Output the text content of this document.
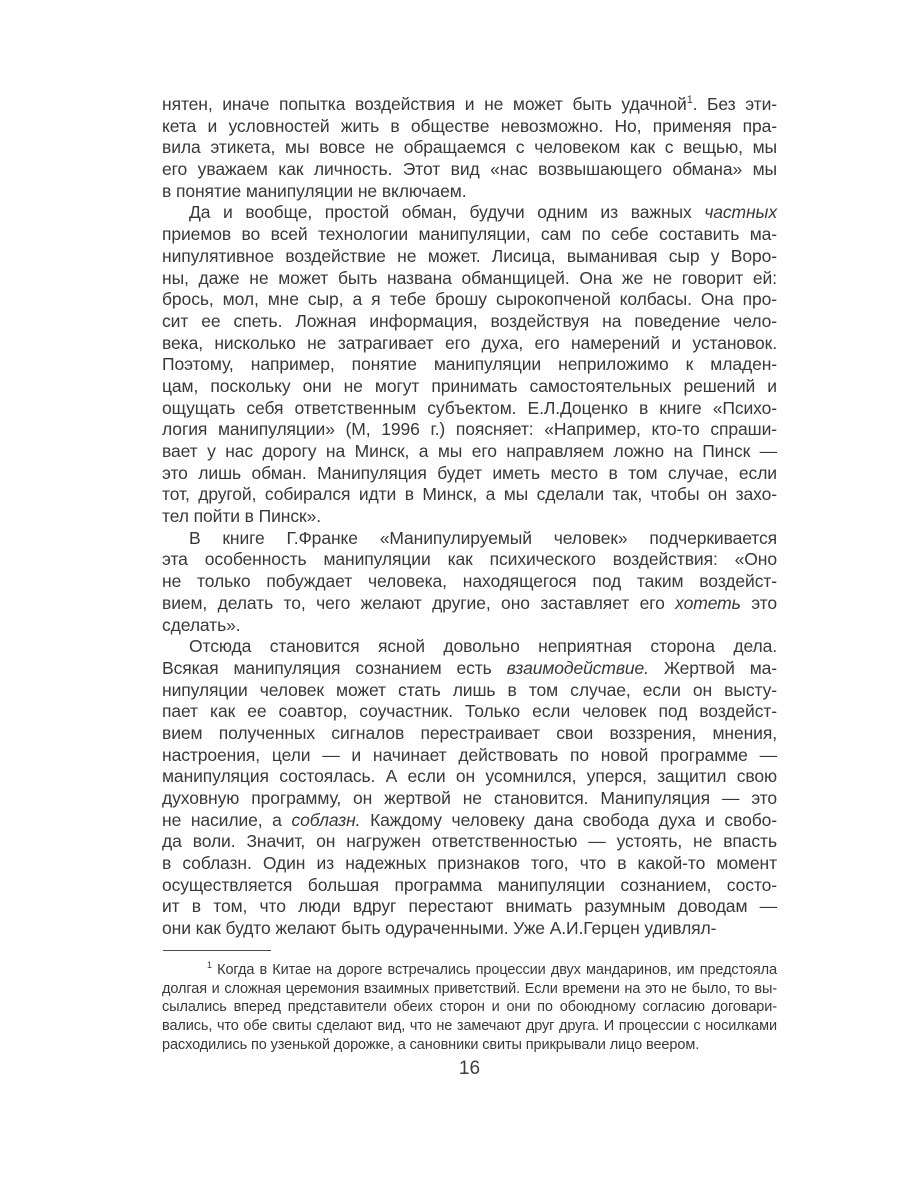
нятен, иначе попытка воздействия и не может быть удачной$^1$. Без эти-
кета и условностей жить в обществе невозможно. Но, применяя пра-
вила этикета, мы вовсе не обращаемся с человеком как с вещью, мы
его уважаем как личность. Этот вид «нас возвышающего обмана» мы
в понятие манипуляции не включаем.
Да и вообще, простой обман, будучи одним из важных частных
приемов во всей технологии манипуляции, сам по себе составить ма-
нипулятивное воздействие не может. Лисица, выманивая сыр у Воро-
ны, даже не может быть названа обманщицей. Она же не говорит ей:
брось, мол, мне сыр, а я тебе брошу сырокопченой колбасы. Она про-
сит ее спеть. Ложная информация, воздействуя на поведение чело-
века, нисколько не затрагивает его духа, его намерений и установок.
Поэтому, например, понятие манипуляции неприложимо к младен-
цам, поскольку они не могут принимать самостоятельных решений и
ощущать себя ответственным субъектом. Е.Л.Доценко в книге «Психо-
логия манипуляции» (М, 1996 г.) поясняет: «Например, кто-то спраши-
вает у нас дорогу на Минск, а мы его направляем ложно на Пинск —
это лишь обман. Манипуляция будет иметь место в том случае, если
тот, другой, собирался идти в Минск, а мы сделали так, чтобы он захо-
тел пойти в Пинск».
В книге Г.Франке «Манипулируемый человек» подчеркивается
эта особенность манипуляции как психического воздействия: «Оно
не только побуждает человека, находящегося под таким воздейст-
вием, делать то, чего желают другие, оно заставляет его хотеть это
сделать».
Отсюда становится ясной довольно неприятная сторона дела.
Всякая манипуляция сознанием есть взаимодействие. Жертвой ма-
нипуляции человек может стать лишь в том случае, если он высту-
пает как ее соавтор, соучастник. Только если человек под воздейст-
вием полученных сигналов перестраивает свои воззрения, мнения,
настроения, цели — и начинает действовать по новой программе —
манипуляция состоялась. А если он усомнился, уперся, защитил свою
духовную программу, он жертвой не становится. Манипуляция — это
не насилие, а соблазн. Каждому человеку дана свобода духа и свобо-
да воли. Значит, он нагружен ответственностью — устоять, не впасть
в соблазн. Один из надежных признаков того, что в какой-то момент
осуществляется большая программа манипуляции сознанием, состо-
ит в том, что люди вдруг перестают внимать разумным доводам —
они как будто желают быть одураченными. Уже А.И.Герцен удивлял-
$^1$ Когда в Китае на дороге встречались процессии двух мандаринов, им предстояла
долгая и сложная церемония взаимных приветствий. Если времени на это не было, то вы-
сылались вперед представители обеих сторон и они по обоюдному согласию договари-
вались, что обе свиты сделают вид, что не замечают друг друга. И процессии с носилками
расходились по узенькой дорожке, а сановники свиты прикрывали лицо веером.
16
